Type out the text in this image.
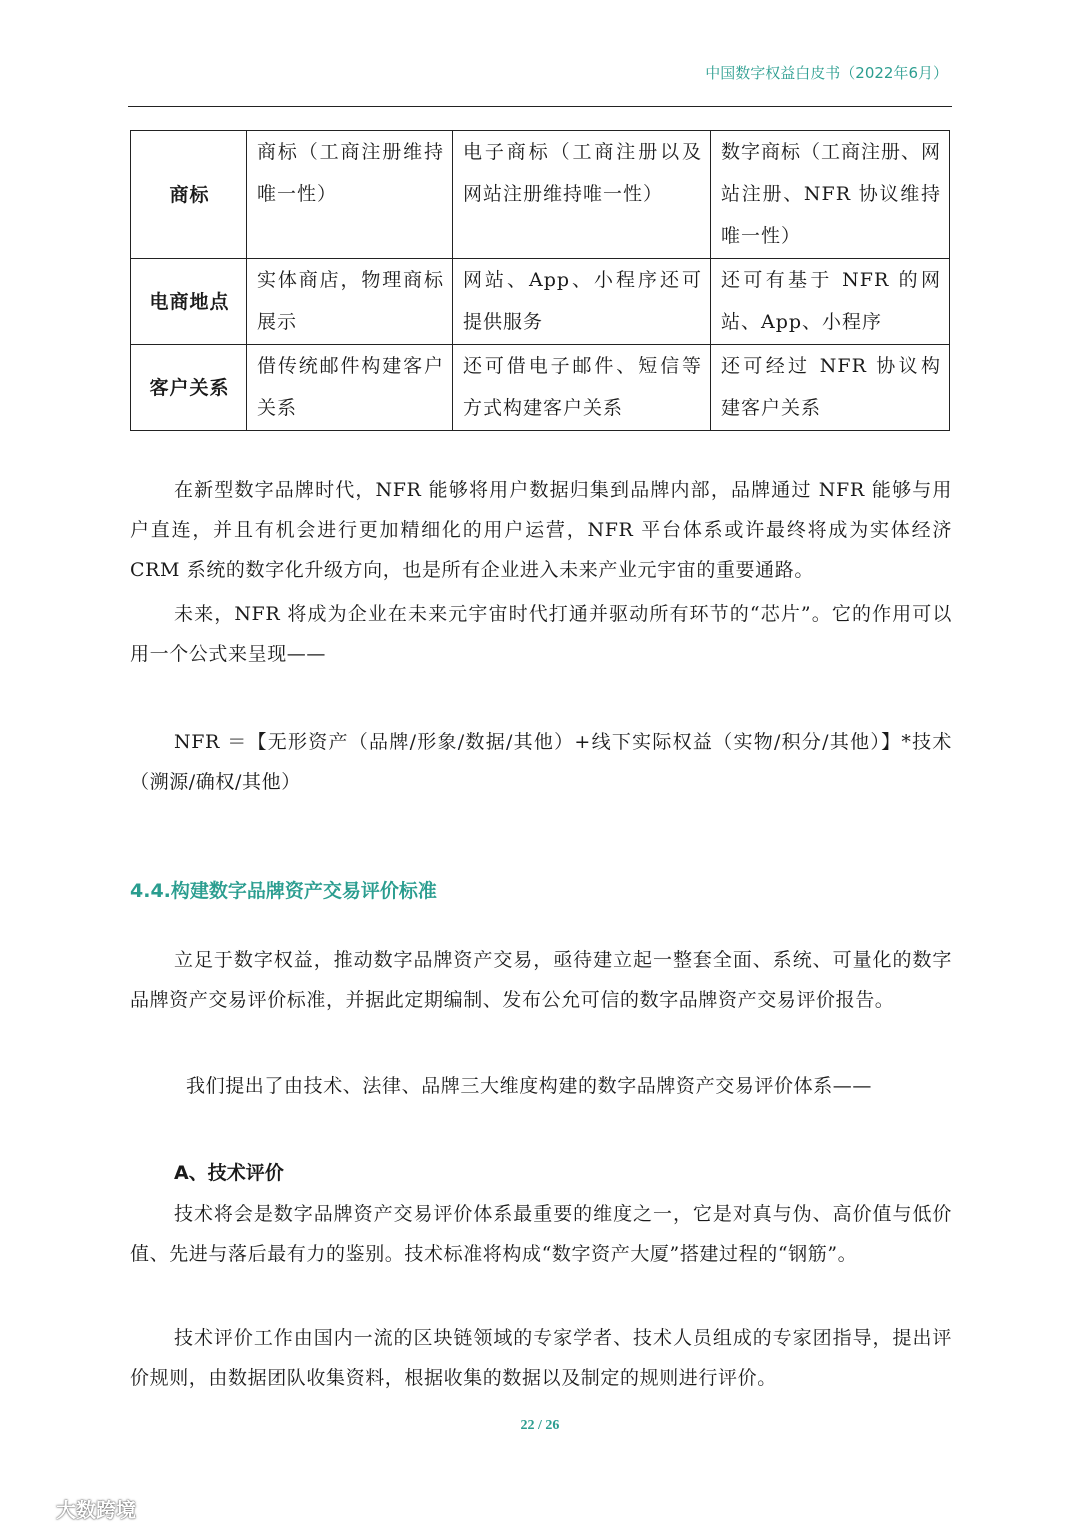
中国数字权益白皮书（2022年6月）
商标	商标（工商注册维持唯一性）	电子商标（工商注册以及网站注册维持唯一性）	数字商标（工商注册、网站注册、NFR 协议维持唯一性）
电商地点	实体商店，物理商标展示	网站、App、小程序还可提供服务	还可有基于 NFR 的网站、App、小程序
客户关系	借传统邮件构建客户关系	还可借电子邮件、短信等方式构建客户关系	还可经过 NFR 协议构建客户关系

在新型数字品牌时代，NFR 能够将用户数据归集到品牌内部，品牌通过 NFR 能够与用户直连，并且有机会进行更加精细化的用户运营，NFR 平台体系或许最终将成为实体经济 CRM 系统的数字化升级方向，也是所有企业进入未来产业元宇宙的重要通路。

未来，NFR 将成为企业在未来元宇宙时代打通并驱动所有环节的“芯片”。它的作用可以用一个公式来呈现——

NFR ＝【无形资产（品牌/形象/数据/其他）+线下实际权益（实物/积分/其他）】*技术（溯源/确权/其他）

4.4.构建数字品牌资产交易评价标准

立足于数字权益，推动数字品牌资产交易，亟待建立起一整套全面、系统、可量化的数字品牌资产交易评价标准，并据此定期编制、发布公允可信的数字品牌资产交易评价报告。

我们提出了由技术、法律、品牌三大维度构建的数字品牌资产交易评价体系——

A、技术评价

技术将会是数字品牌资产交易评价体系最重要的维度之一，它是对真与伪、高价值与低价值、先进与落后最有力的鉴别。技术标准将构成“数字资产大厦”搭建过程的“钢筋”。

技术评价工作由国内一流的区块链领域的专家学者、技术人员组成的专家团指导，提出评价规则，由数据团队收集资料，根据收集的数据以及制定的规则进行评价。

22 / 26
大数跨境
